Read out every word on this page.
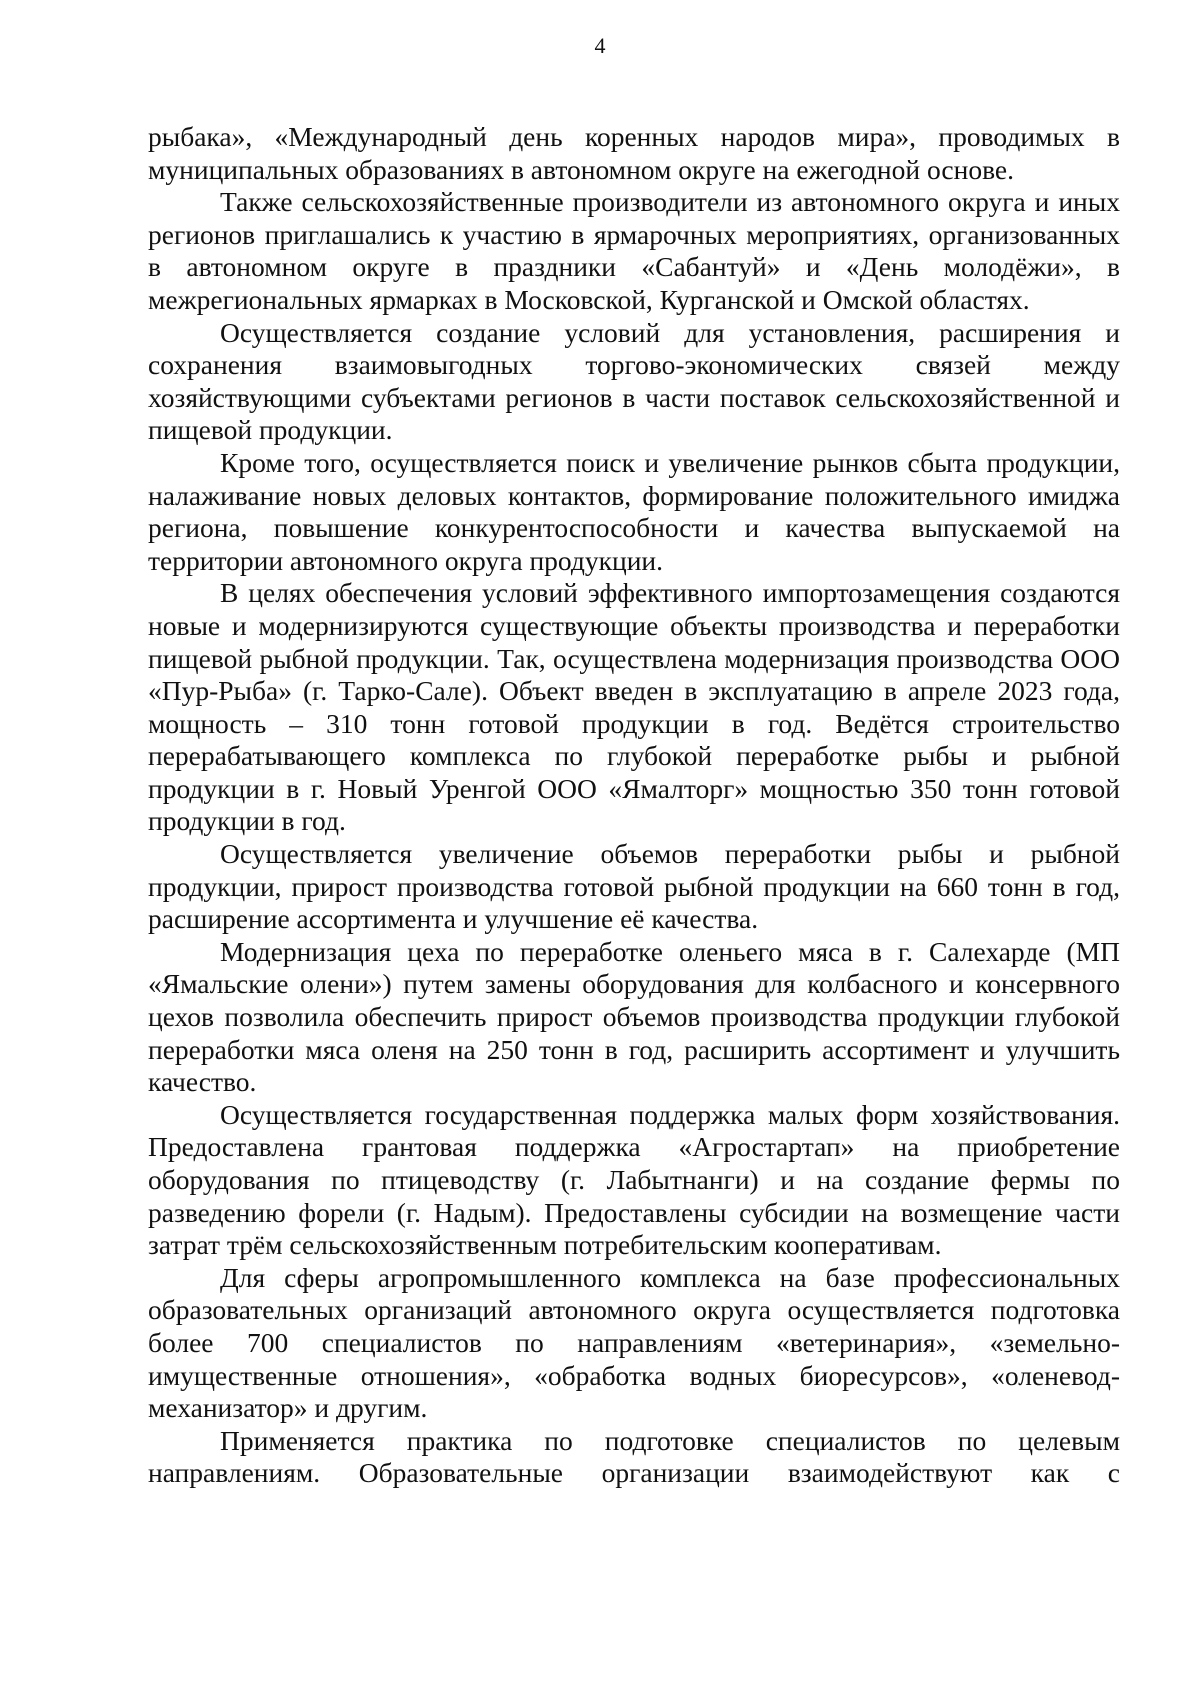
4

рыбака», «Международный день коренных народов мира», проводимых в муниципальных образованиях в автономном округе на ежегодной основе.

Также сельскохозяйственные производители из автономного округа и иных регионов приглашались к участию в ярмарочных мероприятиях, организованных в автономном округе в праздники «Сабантуй» и «День молодёжи», в межрегиональных ярмарках в Московской, Курганской и Омской областях.

Осуществляется создание условий для установления, расширения и сохранения взаимовыгодных торгово-экономических связей между хозяйствующими субъектами регионов в части поставок сельскохозяйственной и пищевой продукции.

Кроме того, осуществляется поиск и увеличение рынков сбыта продукции, налаживание новых деловых контактов, формирование положительного имиджа региона, повышение конкурентоспособности и качества выпускаемой на территории автономного округа продукции.

В целях обеспечения условий эффективного импортозамещения создаются новые и модернизируются существующие объекты производства и переработки пищевой рыбной продукции. Так, осуществлена модернизация производства ООО «Пур-Рыба» (г. Тарко-Сале). Объект введен в эксплуатацию в апреле 2023 года, мощность – 310 тонн готовой продукции в год. Ведётся строительство перерабатывающего комплекса по глубокой переработке рыбы и рыбной продукции в г. Новый Уренгой ООО «Ямалторг» мощностью 350 тонн готовой продукции в год.

Осуществляется увеличение объемов переработки рыбы и рыбной продукции, прирост производства готовой рыбной продукции на 660 тонн в год, расширение ассортимента и улучшение её качества.

Модернизация цеха по переработке оленьего мяса в г. Салехарде (МП «Ямальские олени») путем замены оборудования для колбасного и консервного цехов позволила обеспечить прирост объемов производства продукции глубокой переработки мяса оленя на 250 тонн в год, расширить ассортимент и улучшить качество.

Осуществляется государственная поддержка малых форм хозяйствования. Предоставлена грантовая поддержка «Агростартап» на приобретение оборудования по птицеводству (г. Лабытнанги) и на создание фермы по разведению форели (г. Надым). Предоставлены субсидии на возмещение части затрат трём сельскохозяйственным потребительским кооперативам.

Для сферы агропромышленного комплекса на базе профессиональных образовательных организаций автономного округа осуществляется подготовка более 700 специалистов по направлениям «ветеринария», «земельно-имущественные отношения», «обработка водных биоресурсов», «оленевод-механизатор» и другим.

Применяется практика по подготовке специалистов по целевым направлениям. Образовательные организации взаимодействуют как с
